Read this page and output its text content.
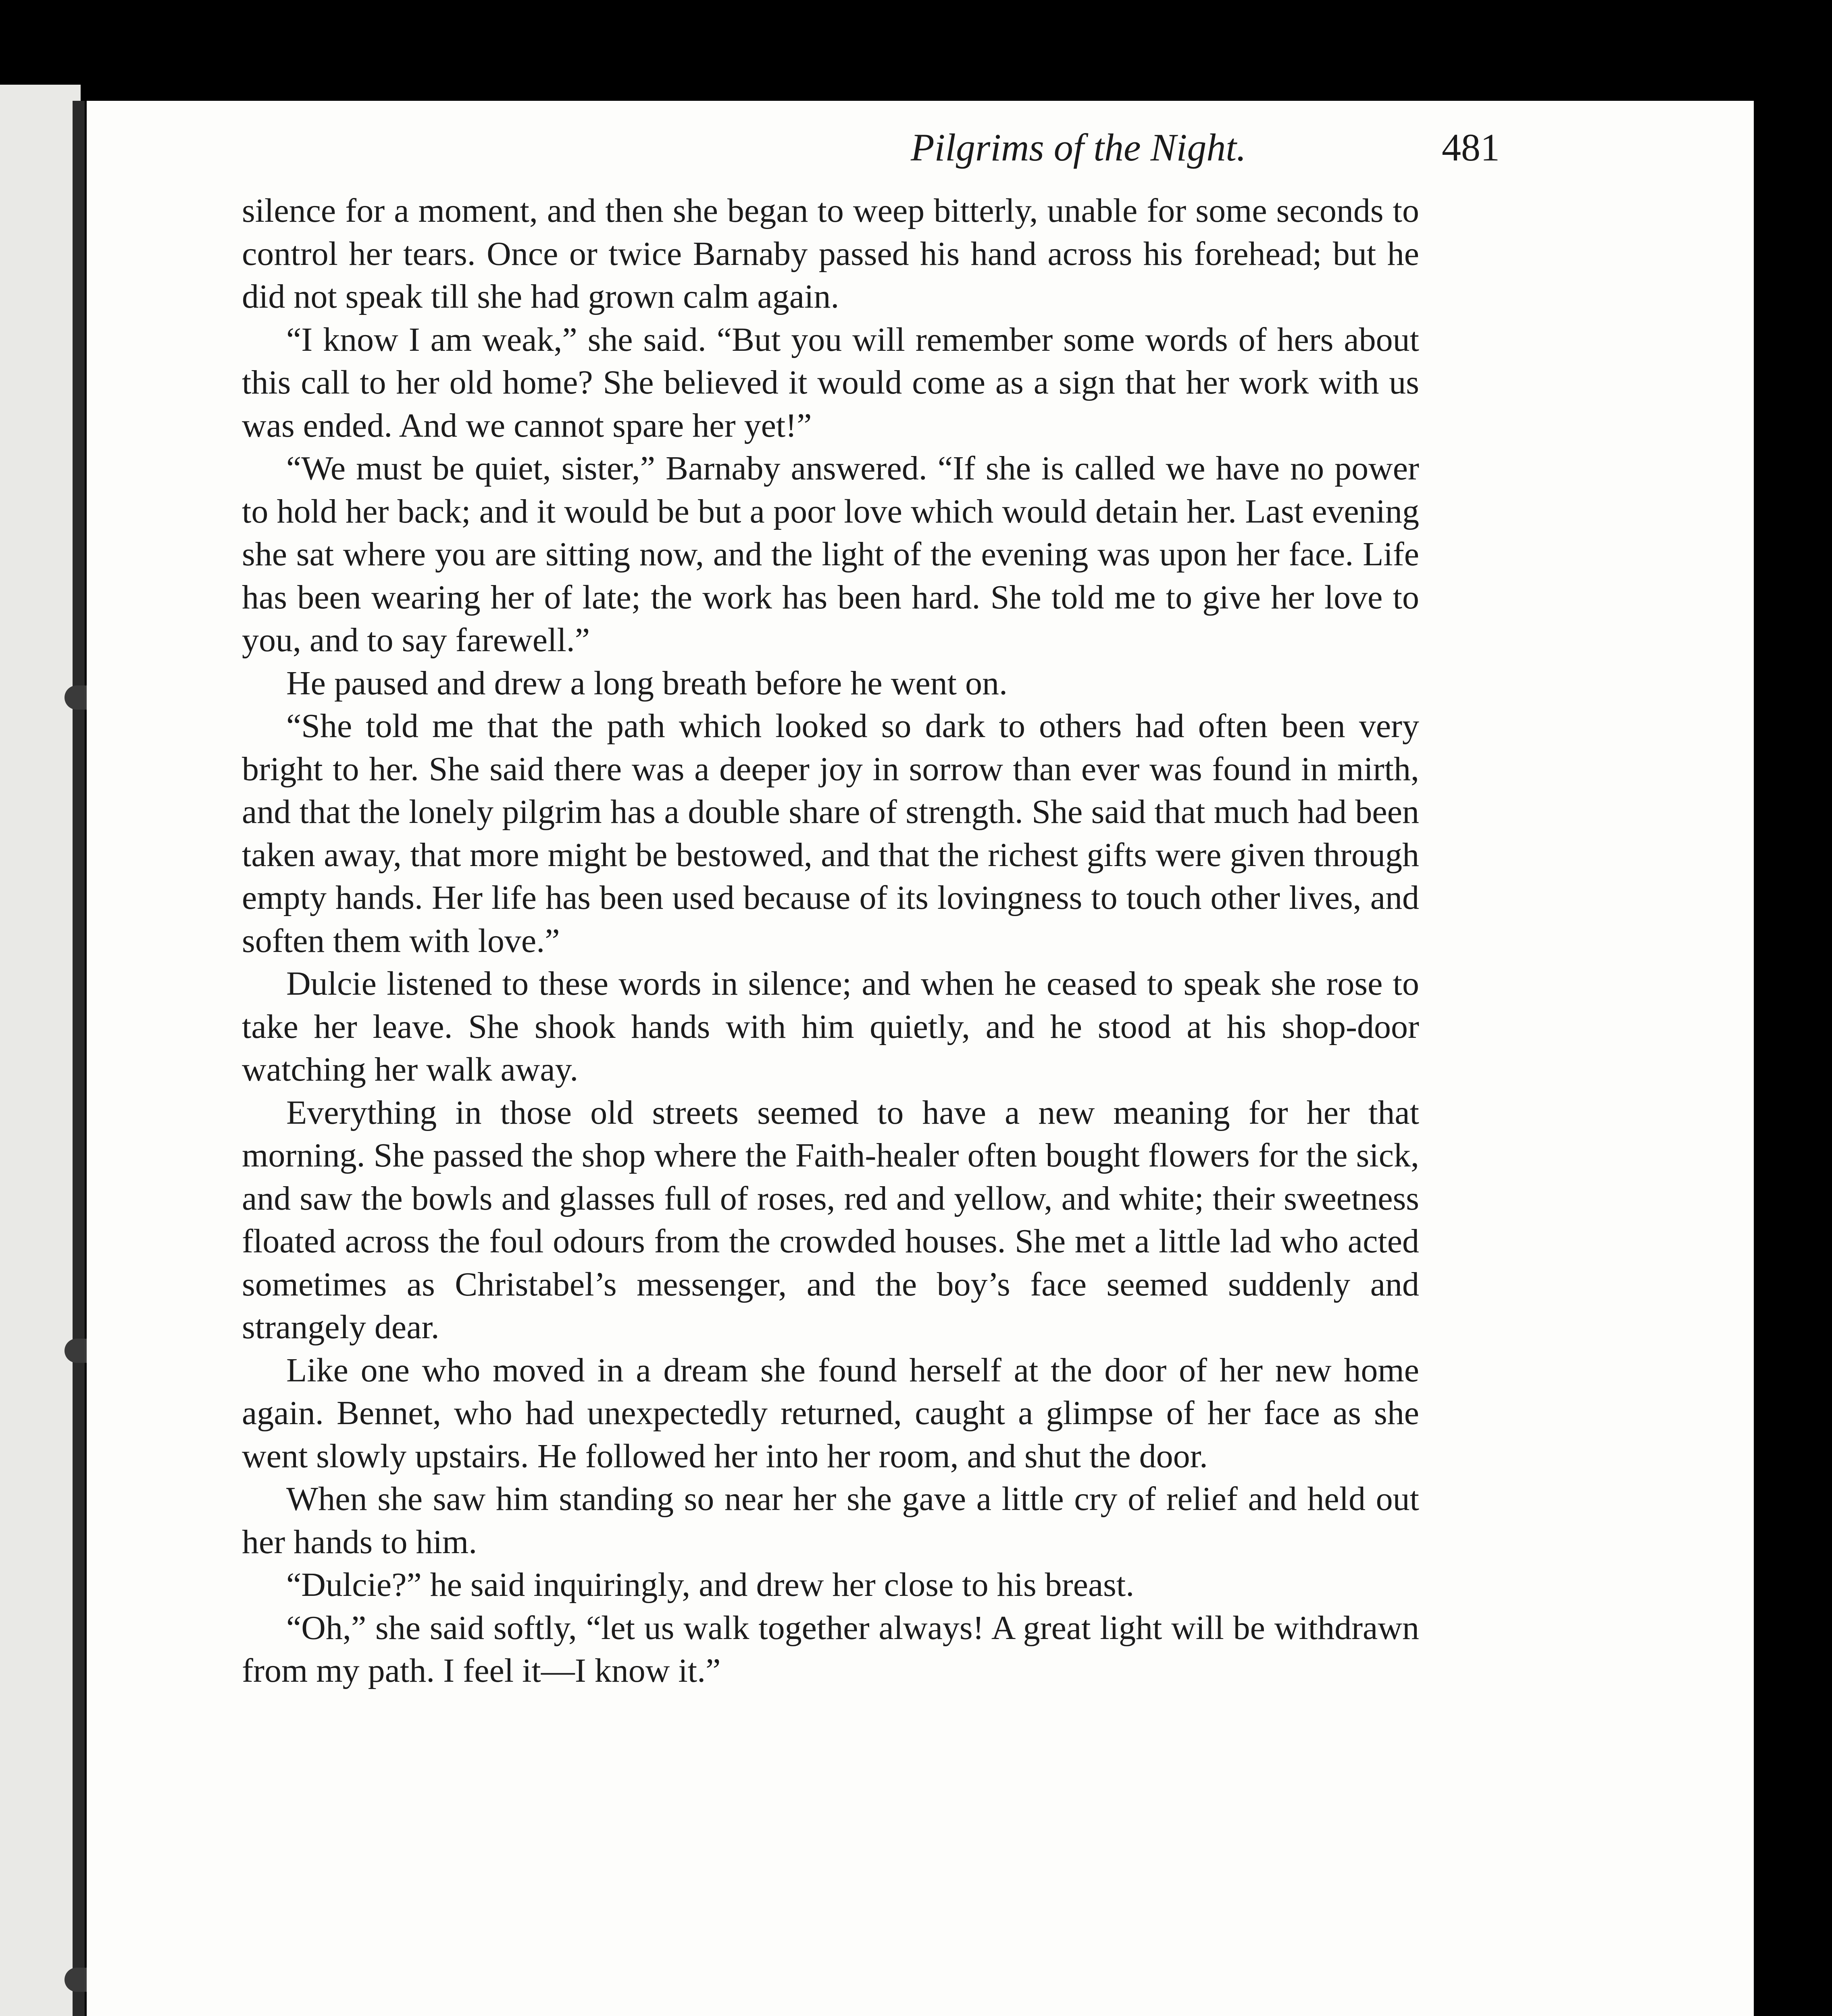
Pilgrims of the Night.	481

silence for a moment, and then she began to weep bitterly, unable for some seconds to control her tears. Once or twice Barnaby passed his hand across his forehead; but he did not speak till she had grown calm again.

“I know I am weak,” she said. “But you will remember some words of hers about this call to her old home? She believed it would come as a sign that her work with us was ended. And we cannot spare her yet!”

“We must be quiet, sister,” Barnaby answered. “If she is called we have no power to hold her back; and it would be but a poor love which would detain her. Last evening she sat where you are sitting now, and the light of the evening was upon her face. Life has been wearing her of late; the work has been hard. She told me to give her love to you, and to say farewell.”

He paused and drew a long breath before he went on.

“She told me that the path which looked so dark to others had often been very bright to her. She said there was a deeper joy in sorrow than ever was found in mirth, and that the lonely pilgrim has a double share of strength. She said that much had been taken away, that more might be bestowed, and that the richest gifts were given through empty hands. Her life has been used because of its lovingness to touch other lives, and soften them with love.”

Dulcie listened to these words in silence; and when he ceased to speak she rose to take her leave. She shook hands with him quietly, and he stood at his shop-door watching her walk away.

Everything in those old streets seemed to have a new meaning for her that morning. She passed the shop where the Faith-healer often bought flowers for the sick, and saw the bowls and glasses full of roses, red and yellow, and white; their sweetness floated across the foul odours from the crowded houses. She met a little lad who acted sometimes as Christabel’s messenger, and the boy’s face seemed suddenly and strangely dear.

Like one who moved in a dream she found herself at the door of her new home again. Bennet, who had unexpectedly returned, caught a glimpse of her face as she went slowly upstairs. He followed her into her room, and shut the door.

When she saw him standing so near her she gave a little cry of relief and held out her hands to him.

“Dulcie?” he said inquiringly, and drew her close to his breast.

“Oh,” she said softly, “let us walk together always! A great light will be withdrawn from my path. I feel it—I know it.”
